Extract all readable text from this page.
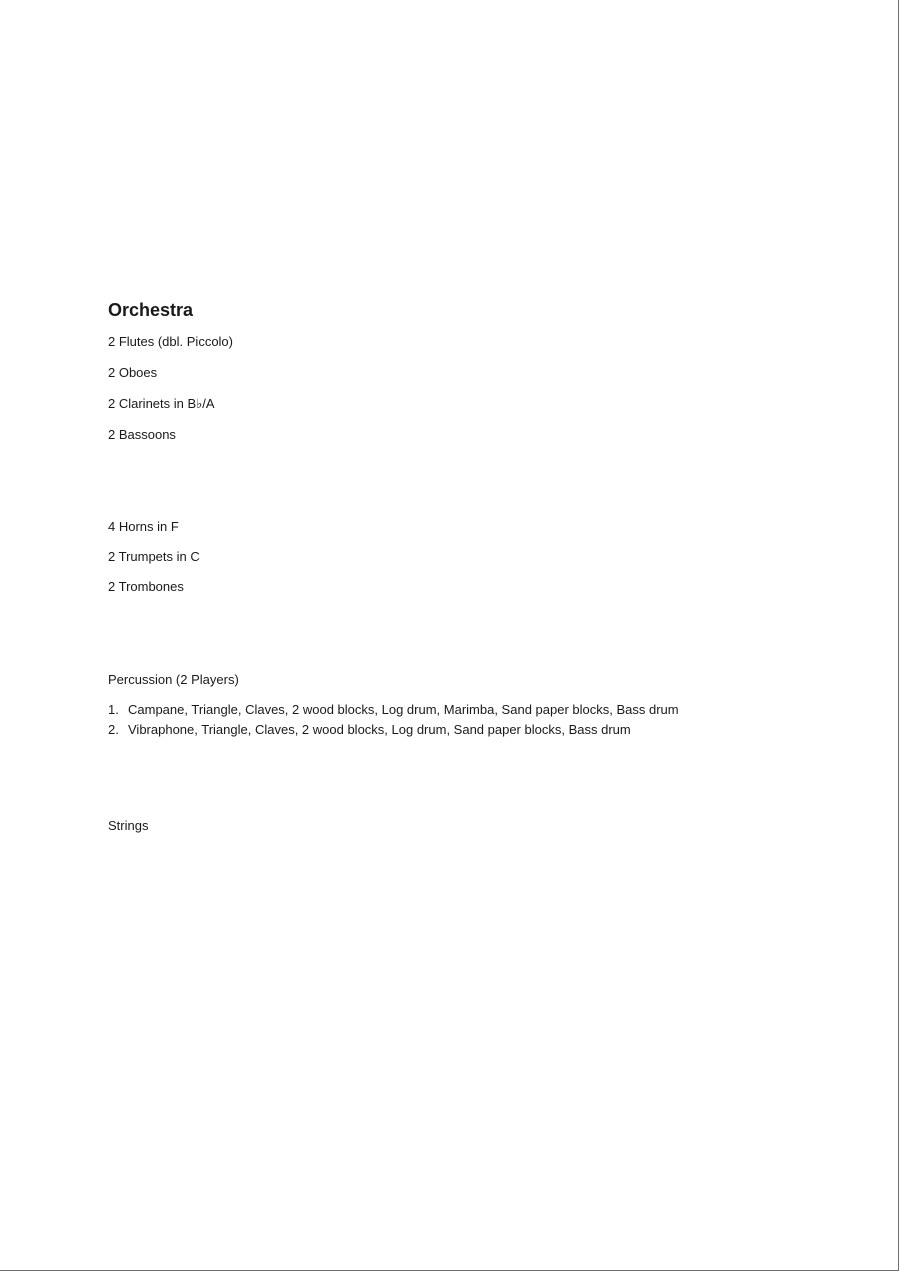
Orchestra

2 Flutes (dbl. Piccolo)

2 Oboes

2 Clarinets in B♭/A

2 Bassoons

4 Horns in F

2 Trumpets in C

2 Trombones

Percussion (2 Players)

1. Campane, Triangle, Claves, 2 wood blocks, Log drum, Marimba, Sand paper blocks, Bass drum
2. Vibraphone, Triangle, Claves, 2 wood blocks, Log drum, Sand paper blocks, Bass drum

Strings
